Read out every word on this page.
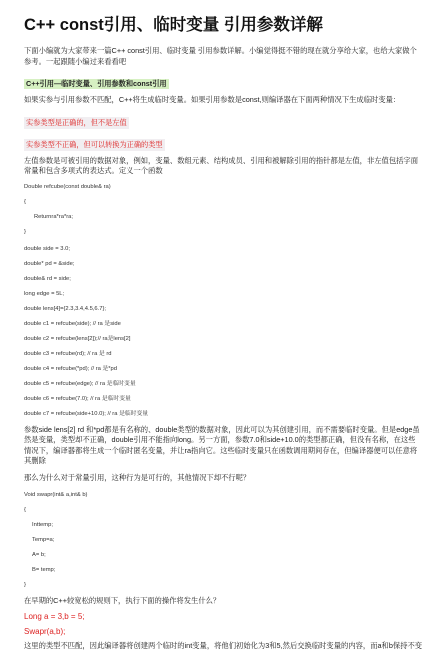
C++ const引用、临时变量 引用参数详解

下面小编就为大家带来一篇C++ const引用、临时变量 引用参数详解。小编觉得挺不错的现在就分享给大家，也给大家做个参考。一起跟随小编过来看看吧

C++引用—临时变量、引用参数和const引用

如果实参与引用参数不匹配，C++将生成临时变量。如果引用参数是const,则编译器在下面两种情况下生成临时变量：

实参类型是正确的，但不是左值
实参类型不正确，但可以转换为正确的类型

左值参数是可被引用的数据对象，例如，变量、数组元素、结构成员、引用和被解除引用的指针都是左值，非左值包括字面常量和包含多项式的表达式。定义一个函数

Double refcube(const double& ra)

{

Returnra*ra*ra;

}

double side = 3.0;

double* pd = &side;

double& rd = side;

long edge = 5L;

double lens[4]={2.3,3.4,4.5,6.7};

double c1 = refcube(side); // ra 是side

double c2 = refcube(lens[2]);// ra是lens[2]

double c3 = refcube(rd); // ra 是 rd

double c4 = refcube(*pd); // ra 是*pd

double c5 = refcube(edge); // ra 是临时变量

double c6 = refcube(7.0); // ra 是临时变量

double c7 = refcube(side+10.0); // ra 是临时变量

参数side lens[2] rd 和*pd都是有名称的、double类型的数据对象，因此可以为其创建引用，而不需要临时变量。但是edge虽然是变量，类型却不正确，double引用不能指向long。另一方面，参数7.0和side+10.0的类型都正确，但没有名称，在这些情况下，编译器都将生成一个临时匿名变量，并让ra指向它。这些临时变量只在函数调用期间存在，但编译器便可以任意将其删除

那么为什么对于常量引用，这种行为是可行的，其他情况下却不行呢？

Void swapr(int& a,int& b)

{

Inttemp;

Temp=a;

A= b;

B= temp;

}

在早期的C++较宽松的规则下，执行下面的操作将发生什么？

Long a = 3,b = 5;

Swapr(a,b);

这里的类型不匹配，因此编译器将创建两个临时的int变量，将他们初始化为3和5,然后交换临时变量的内容，而a和b保持不变
